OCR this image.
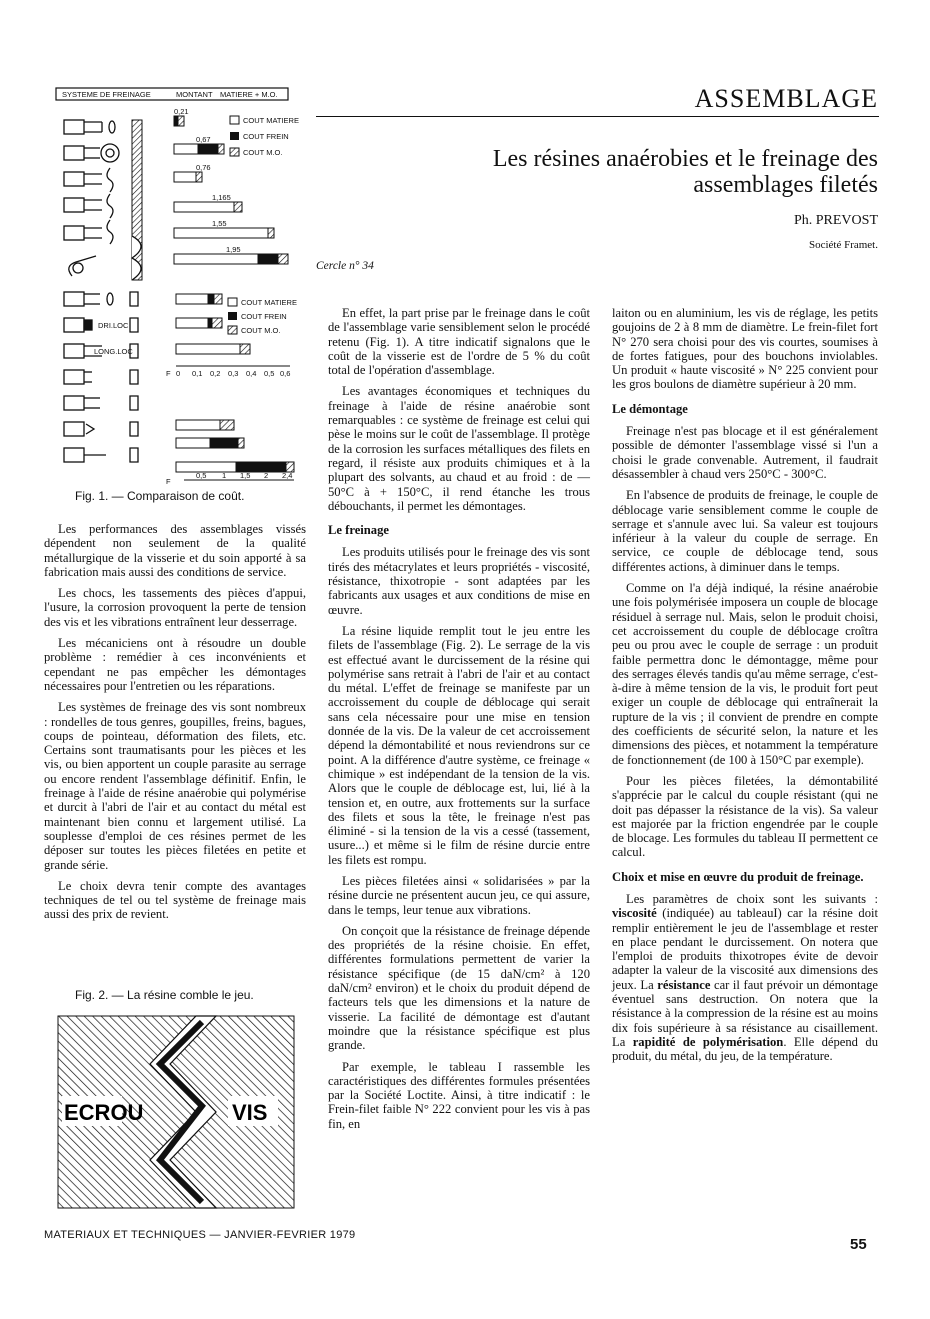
ASSEMBLAGE
Les résines anaérobies et le freinage des assemblages filetés
Ph. PREVOST
Société Framet.
Cercle n° 34
SYSTEME DE FREINAGE	MONTANT MATIERE + M.O.
0,21
0,67
0,76
1,165
1,55
1,95
COUT MATIERE
COUT FREIN
COUT M.O.
DRI.LOC
LONG.LOC
F 0 0,1 0,2 0,3 0,4 0,5 0,6
F
0,5 1 1,5 2 2,4
COUT MATIERE
COUT FREIN
COUT M.O.
Fig. 1. — Comparaison de coût.

Les performances des assemblages vissés dépendent non seulement de la qualité métallurgique de la visserie et du soin apporté à sa fabrication mais aussi des conditions de service.

Les chocs, les tassements des pièces d'appui, l'usure, la corrosion provoquent la perte de tension des vis et les vibrations entraînent leur desserrage.

Les mécaniciens ont à résoudre un double problème : remédier à ces inconvénients et cependant ne pas empêcher les démontages nécessaires pour l'entretien ou les réparations.

Les systèmes de freinage des vis sont nombreux : rondelles de tous genres, goupilles, freins, bagues, coups de pointeau, déformation des filets, etc. Certains sont traumatisants pour les pièces et les vis, ou bien apportent un couple parasite au serrage ou encore rendent l'assemblage définitif. Enfin, le freinage à l'aide de résine anaérobie qui polymérise et durcit à l'abri de l'air et au contact du métal est maintenant bien connu et largement utilisé. La souplesse d'emploi de ces résines permet de les déposer sur toutes les pièces filetées en petite et grande série.

Le choix devra tenir compte des avantages techniques de tel ou tel système de freinage mais aussi des prix de revient.

Fig. 2. — La résine comble le jeu.
ECROU	VIS

En effet, la part prise par le freinage dans le coût de l'assemblage varie sensiblement selon le procédé retenu (Fig. 1). A titre indicatif signalons que le coût de la visserie est de l'ordre de 5 % du coût total de l'opération d'assemblage.

Les avantages économiques et techniques du freinage à l'aide de résine anaérobie sont remarquables : ce système de freinage est celui qui pèse le moins sur le coût de l'assemblage. Il protège de la corrosion les surfaces métalliques des filets en regard, il résiste aux produits chimiques et à la plupart des solvants, au chaud et au froid : de — 50°C à + 150°C, il rend étanche les trous débouchants, il permet les démontages.

Le freinage

Les produits utilisés pour le freinage des vis sont tirés des métacrylates et leurs propriétés - viscosité, résistance, thixotropie - sont adaptées par les fabricants aux usages et aux conditions de mise en œuvre.

La résine liquide remplit tout le jeu entre les filets de l'assemblage (Fig. 2). Le serrage de la vis est effectué avant le durcissement de la résine qui polymérise sans retrait à l'abri de l'air et au contact du métal. L'effet de freinage se manifeste par un accroissement du couple de déblocage qui serait sans cela nécessaire pour une mise en tension donnée de la vis. De la valeur de cet accroissement dépend la démontabilité et nous reviendrons sur ce point. A la différence d'autre système, ce freinage « chimique » est indépendant de la tension de la vis. Alors que le couple de déblocage est, lui, lié à la tension et, en outre, aux frottements sur la surface des filets et sous la tête, le freinage n'est pas éliminé - si la tension de la vis a cessé (tassement, usure...) et même si le film de résine durcie entre les filets est rompu.

Les pièces filetées ainsi « solidarisées » par la résine durcie ne présentent aucun jeu, ce qui assure, dans le temps, leur tenue aux vibrations.

On conçoit que la résistance de freinage dépende des propriétés de la résine choisie. En effet, différentes formulations permettent de varier la résistance spécifique (de 15 daN/cm² à 120 daN/cm² environ) et le choix du produit dépend de facteurs tels que les dimensions et la nature de visserie. La facilité de démontage est d'autant moindre que la résistance spécifique est plus grande.

Par exemple, le tableau I rassemble les caractéristiques des différentes formules présentées par la Société Loctite. Ainsi, à titre indicatif : le Frein-filet faible N° 222 convient pour les vis à pas fin, en

laiton ou en aluminium, les vis de réglage, les petits goujoins de 2 à 8 mm de diamètre. Le frein-filet fort N° 270 sera choisi pour des vis courtes, soumises à de fortes fatigues, pour des bouchons inviolables. Un produit « haute viscosité » N° 225 convient pour les gros boulons de diamètre supérieur à 20 mm.

Le démontage

Freinage n'est pas blocage et il est généralement possible de démonter l'assemblage vissé si l'un a choisi le grade convenable. Autrement, il faudrait désassembler à chaud vers 250°C - 300°C.

En l'absence de produits de freinage, le couple de déblocage varie sensiblement comme le couple de serrage et s'annule avec lui. Sa valeur est toujours inférieur à la valeur du couple de serrage. En service, ce couple de déblocage tend, sous différentes actions, à diminuer dans le temps.

Comme on l'a déjà indiqué, la résine anaérobie une fois polymérisée imposera un couple de blocage résiduel à serrage nul. Mais, selon le produit choisi, cet accroissement du couple de déblocage croîtra peu ou prou avec le couple de serrage : un produit faible permettra donc le démontagge, même pour des serrages élevés tandis qu'au même serrage, c'est-à-dire à même tension de la vis, le produit fort peut exiger un couple de déblocage qui entraînerait la rupture de la vis ; il convient de prendre en compte des coefficients de sécurité selon, la nature et les dimensions des pièces, et notamment la température de fonctionnement (de 100 à 150°C par exemple).

Pour les pièces filetées, la démontabilité s'apprécie par le calcul du couple résistant (qui ne doit pas dépasser la résistance de la vis). Sa valeur est majorée par la friction engendrée par le couple de blocage. Les formules du tableau II permettent ce calcul.

Choix et mise en œuvre du produit de freinage.

Les paramètres de choix sont les suivants : viscosité (indiquée) au tableauI) car la résine doit remplir entièrement le jeu de l'assemblage et rester en place pendant le durcissement. On notera que l'emploi de produits thixotropes évite de devoir adapter la valeur de la viscosité aux dimensions des jeux. La résistance car il faut prévoir un démontage éventuel sans destruction. On notera que la résistance à la compression de la résine est au moins dix fois supérieure à sa résistance au cisaillement. La rapidité de polymérisation. Elle dépend du produit, du métal, du jeu, de la température.

MATERIAUX ET TECHNIQUES — JANVIER-FEVRIER 1979
55
